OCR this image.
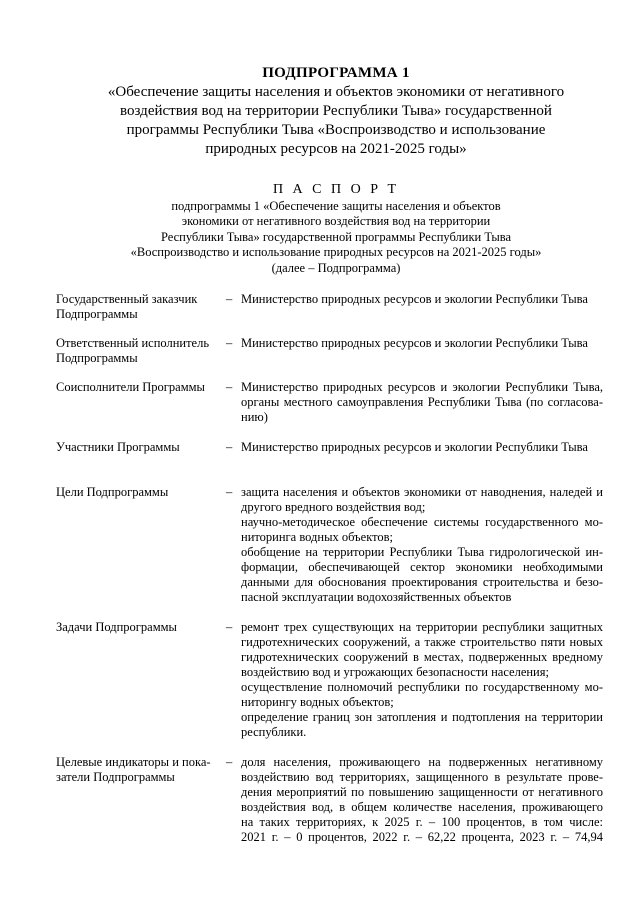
ПОДПРОГРАММА 1
«Обеспечение защиты населения и объектов экономики от негативного
воздействия вод на территории Республики Тыва» государственной
программы Республики Тыва «Воспроизводство и использование
природных ресурсов на 2021-2025 годы»
П А С П О Р Т
подпрограммы 1 «Обеспечение защиты населения и объектов
экономики от негативного воздействия вод на территории
Республики Тыва» государственной программы Республики Тыва
«Воспроизводство и использование природных ресурсов на 2021-2025 годы»
(далее – Подпрограмма)
Государственный заказчик
Подпрограммы
– Министерство природных ресурсов и экологии Республики Тыва
Ответственный исполнитель
Подпрограммы
– Министерство природных ресурсов и экологии Республики Тыва
Соисполнители Программы	– Министерство природных ресурсов и экологии Республики Тыва,
органы местного самоуправления Республики Тыва (по согласова-
нию)
Участники Программы	– Министерство природных ресурсов и экологии Республики Тыва
Цели Подпрограммы	– защита населения и объектов экономики от наводнения, наледей и
другого вредного воздействия вод;
научно-методическое обеспечение системы государственного мо-
ниторинга водных объектов;
обобщение на территории Республики Тыва гидрологической ин-
формации, обеспечивающей сектор экономики необходимыми
данными для обоснования проектирования строительства и безо-
пасной эксплуатации водохозяйственных объектов
Задачи Подпрограммы	– ремонт трех существующих на территории республики защитных
гидротехнических сооружений, а также строительство пяти новых
гидротехнических сооружений в местах, подверженных вредному
воздействию вод и угрожающих безопасности населения;
осуществление полномочий республики по государственному мо-
ниторингу водных объектов;
определение границ зон затопления и подтопления на территории
республики.
Целевые индикаторы и пока-
затели Подпрограммы
– доля населения, проживающего на подверженных негативному
воздействию вод территориях, защищенного в результате прове-
дения мероприятий по повышению защищенности от негативного
воздействия вод, в общем количестве населения, проживающего
на таких территориях, к 2025 г. – 100 процентов, в том числе:
2021 г. – 0 процентов, 2022 г. – 62,22 процента, 2023 г. – 74,94
